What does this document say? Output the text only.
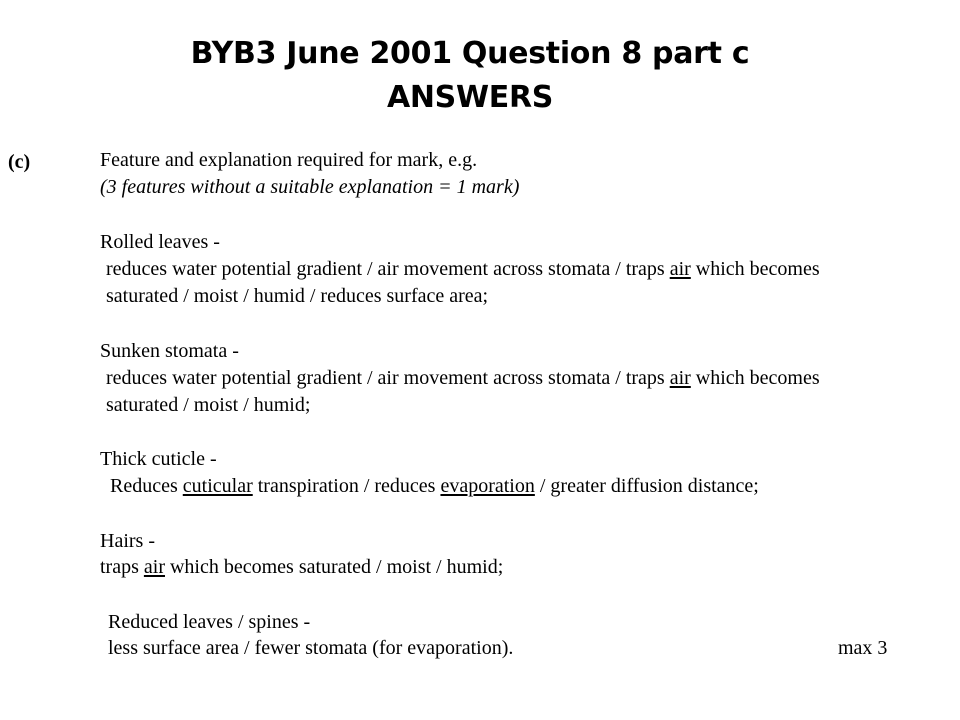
BYB3 June 2001 Question 8 part c
ANSWERS
(c)	Feature and explanation required for mark, e.g.
(3 features without a suitable explanation = 1 mark)
Rolled leaves -
reduces water potential gradient / air movement across stomata / traps air which becomes
saturated / moist / humid / reduces surface area;
Sunken stomata -
reduces water potential gradient / air movement across stomata / traps air which becomes
saturated / moist / humid;
Thick cuticle -
Reduces cuticular transpiration / reduces evaporation / greater diffusion distance;
Hairs -
traps air which becomes saturated / moist / humid;
Reduced leaves / spines -
less surface area / fewer stomata (for evaporation).	max 3
